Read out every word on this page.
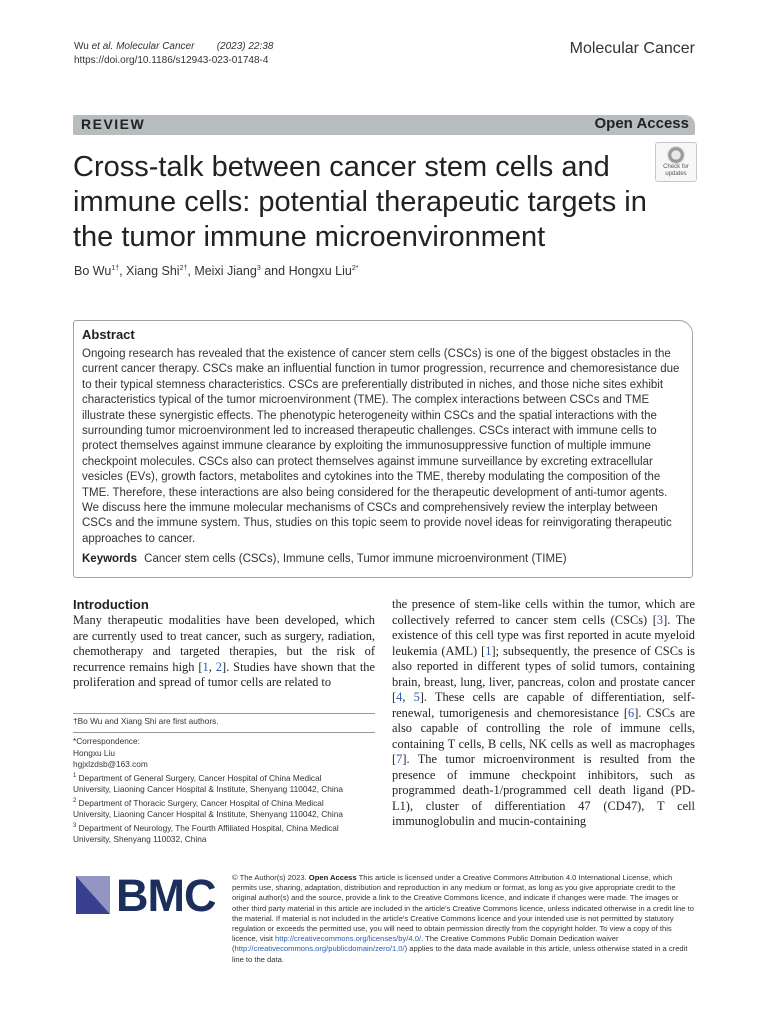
Wu et al. Molecular Cancer (2023) 22:38
https://doi.org/10.1186/s12943-023-01748-4
Molecular Cancer
REVIEW	Open Access
Cross-talk between cancer stem cells and immune cells: potential therapeutic targets in the tumor immune microenvironment
Check for
updates
Bo $Wu^{1\dagger}$, Xiang Shi$^{2\dagger}$, Meixi Jiang$^3$ and Hongxu Liu$^{2*}$
Abstract

Ongoing research has revealed that the existence of cancer stem cells (CSCs) is one of the biggest obstacles in the current cancer therapy. CSCs make an influential function in tumor progression, recurrence and chemoresistance due to their typical stemness characteristics. CSCs are preferentially distributed in niches, and those niche sites exhibit characteristics typical of the tumor microenvironment (TME). The complex interactions between CSCs and TME illustrate these synergistic effects. The phenotypic heterogeneity within CSCs and the spatial interactions with the surrounding tumor microenvironment led to increased therapeutic challenges. CSCs interact with immune cells to protect themselves against immune clearance by exploiting the immunosuppressive function of multiple immune checkpoint molecules. CSCs also can protect themselves against immune surveillance by excreting extracellular vesicles (EVs), growth factors, metabolites and cytokines into the TME, thereby modulating the composition of the TME. Therefore, these interactions are also being considered for the therapeutic development of anti-tumor agents. We discuss here the immune molecular mechanisms of CSCs and comprehensively review the interplay between CSCs and the immune system. Thus, studies on this topic seem to provide novel ideas for reinvigorating therapeutic approaches to cancer.

Keywords Cancer stem cells (CSCs), Immune cells, Tumor immune microenvironment (TIME)
Introduction

Many therapeutic modalities have been developed, which are currently used to treat cancer, such as surgery, radiation, chemotherapy and targeted therapies, but the risk of recurrence remains high [1, 2]. Studies have shown that the proliferation and spread of tumor cells are related to

the presence of stem-like cells within the tumor, which are collectively referred to cancer stem cells (CSCs) [3]. The existence of this cell type was first reported in acute myeloid leukemia (AML) [1]; subsequently, the presence of CSCs is also reported in different types of solid tumors, containing brain, breast, lung, liver, pancreas, colon and prostate cancer [4, 5]. These cells are capable of differentiation, self-renewal, tumorigenesis and chemoresistance [6]. CSCs are also capable of controlling the role of immune cells, containing T cells, B cells, NK cells as well as macrophages [7]. The tumor microenvironment is resulted from the presence of immune checkpoint inhibitors, such as programmed death-1/programmed cell death ligand (PD-L1), cluster of differentiation 47 (CD47), T cell immunoglobulin and mucin-containing

†Bo Wu and Xiang Shi are first authors.
*Correspondence:
Hongxu Liu
hgjxlzdsb@163.com
$^1$ Department of General Surgery, Cancer Hospital of China Medical
University, Liaoning Cancer Hospital & Institute, Shenyang 110042, China
$^2$ Department of Thoracic Surgery, Cancer Hospital of China Medical
University, Liaoning Cancer Hospital & Institute, Shenyang 110042, China
$^3$ Department of Neurology, The Fourth Affiliated Hospital, China Medical
University, Shenyang 110032, China
BMC © The Author(s) 2023. Open Access This article is licensed under a Creative Commons Attribution 4.0 International License, which permits use, sharing, adaptation, distribution and reproduction in any medium or format, as long as you give appropriate credit to the original author(s) and the source, provide a link to the Creative Commons licence, and indicate if changes were made. The images or other third party material in this article are included in the article's Creative Commons licence, unless indicated otherwise in a credit line to the material. If material is not included in the article's Creative Commons licence and your intended use is not permitted by statutory regulation or exceeds the permitted use, you will need to obtain permission directly from the copyright holder. To view a copy of this licence, visit http://creativecommons.org/licenses/by/4.0/. The Creative Commons Public Domain Dedication waiver (http://creativecommons.org/publicdomain/zero/1.0/) applies to the data made available in this article, unless otherwise stated in a credit line to the data.
